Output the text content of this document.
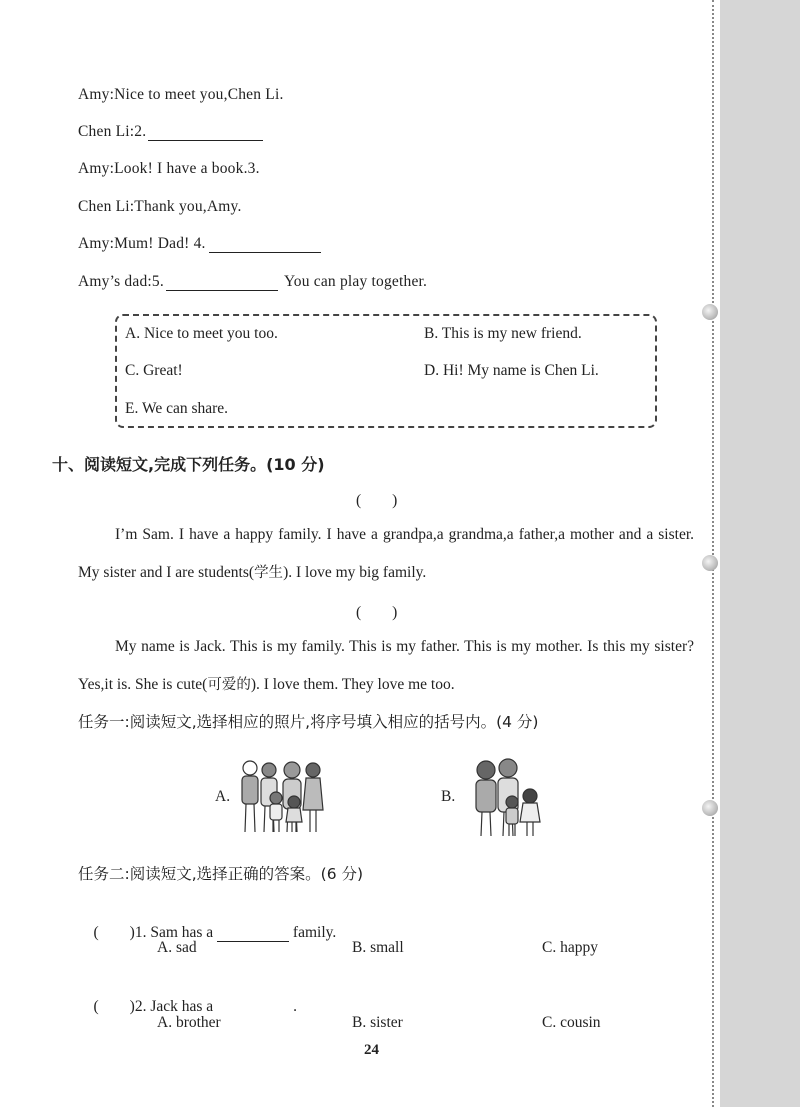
Amy:Nice to meet you,Chen Li.
Chen Li:2.
Amy:Look! I have a book.3.
Chen Li:Thank you,Amy.
Amy:Mum! Dad! 4.
Amy’s dad:5.	You can play together.
A. Nice to meet you too.	B. This is my new friend.
C. Great!	D. Hi! My name is Chen Li.
E. We can share.
十、阅读短文,完成下列任务。(10 分)
(　　)
I’m Sam. I have a happy family. I have a grandpa,a grandma,a father,a mother and a sister. My sister and I are students(学生). I love my big family.
(　　)
My name is Jack. This is my family. This is my father. This is my mother. Is this my sister? Yes,it is. She is cute(可爱的). I love them. They love me too.
任务一:阅读短文,选择相应的照片,将序号填入相应的括号内。(4 分)
A.	B.
任务二:阅读短文,选择正确的答案。(6 分)

(　　)1. Sam has a	family.

A. sad	B. small	C. happy

(　　)2. Jack has a	.

A. brother	B. sister	C. cousin
24
